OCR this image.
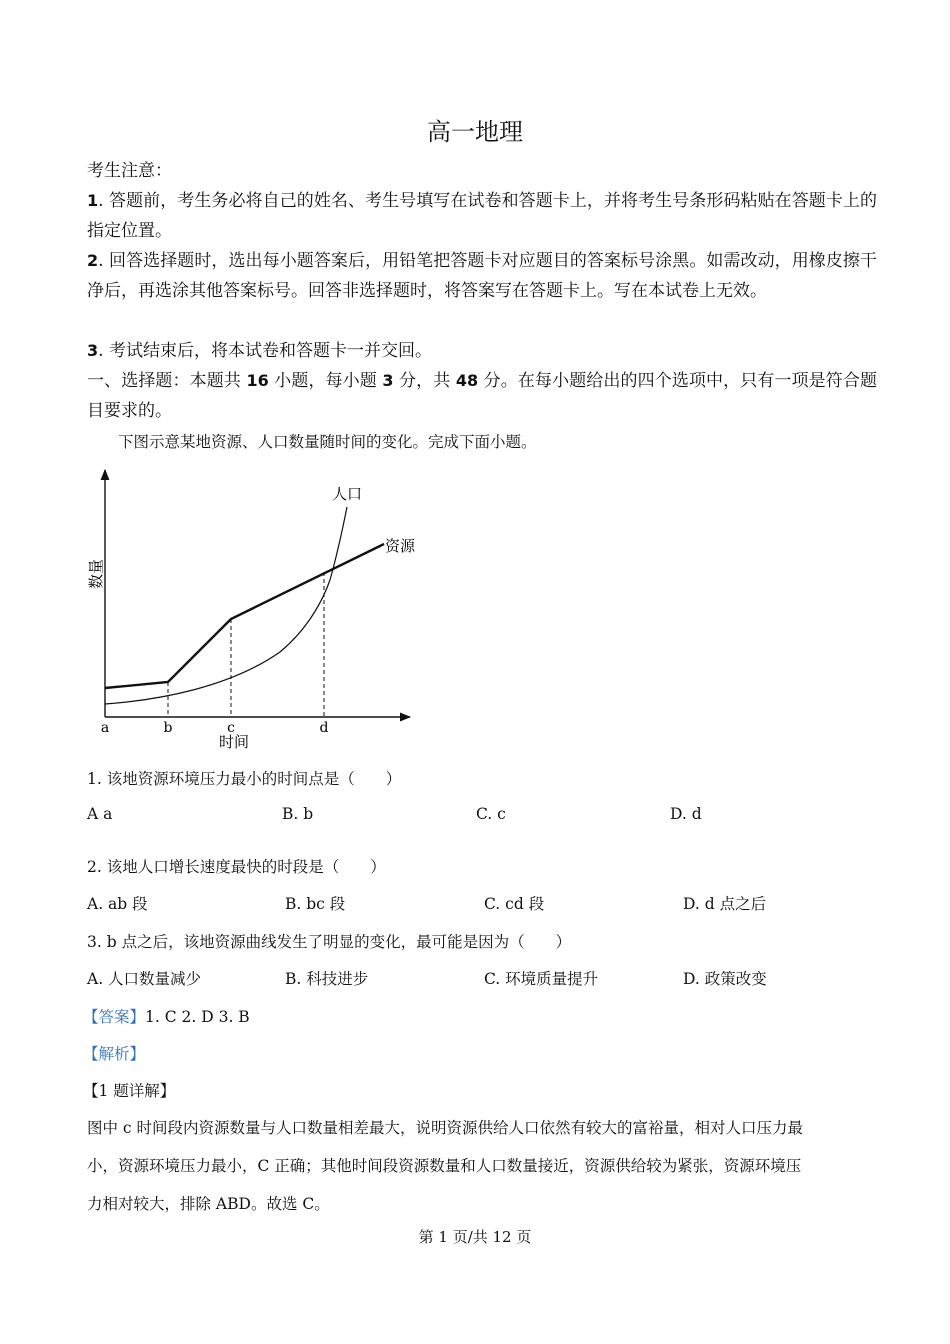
高一地理
考生注意：
1. 答题前，考生务必将自己的姓名、考生号填写在试卷和答题卡上，并将考生号条形码粘贴在答题卡上的指定位置。
2. 回答选择题时，选出每小题答案后，用铅笔把答题卡对应题目的答案标号涂黑。如需改动，用橡皮擦干净后，再选涂其他答案标号。回答非选择题时，将答案写在答题卡上。写在本试卷上无效。
3. 考试结束后，将本试卷和答题卡一并交回。
一、选择题：本题共 16 小题，每小题 3 分，共 48 分。在每小题给出的四个选项中，只有一项是符合题目要求的。
下图示意某地资源、人口数量随时间的变化。完成下面小题。
数量
时间
a	b	c	d
人口
资源
1. 该地资源环境压力最小的时间点是（　　）
A a	B. b	C. c	D. d
2. 该地人口增长速度最快的时段是（　　）
A. ab 段	B. bc 段	C. cd 段	D. d 点之后
3. b 点之后，该地资源曲线发生了明显的变化，最可能是因为（　　）
A. 人口数量减少	B. 科技进步	C. 环境质量提升	D. 政策改变
【答案】1. C 2. D 3. B
【解析】
【1 题详解】
图中 c 时间段内资源数量与人口数量相差最大，说明资源供给人口依然有较大的富裕量，相对人口压力最
小，资源环境压力最小，C 正确；其他时间段资源数量和人口数量接近，资源供给较为紧张，资源环境压
力相对较大，排除 ABD。故选 C。
第 1 页/共 12 页
